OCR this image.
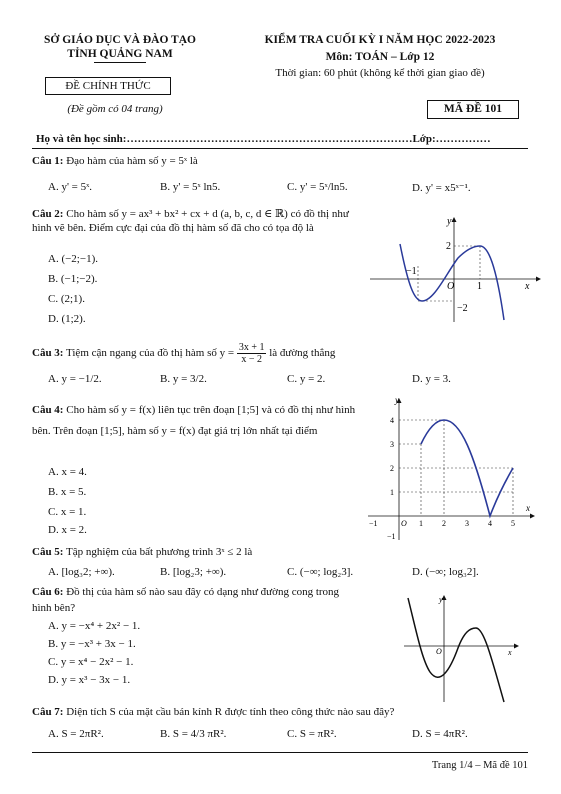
SỞ GIÁO DỤC VÀ ĐÀO TẠO
TỈNH QUẢNG NAM
ĐỀ CHÍNH THỨC
(Đề gồm có 04 trang)
KIỂM TRA CUỐI KỲ I NĂM HỌC 2022-2023
Môn: TOÁN – Lớp 12
Thời gian: 60 phút (không kể thời gian giao đề)
MÃ ĐỀ 101
Họ và tên học sinh:……………………………………………………………………Lớp:……………
Câu 1: Đạo hàm của hàm số y = 5ˣ là
A. y' = 5ˣ.	B. y' = 5ˣ ln5.	C. y' = 5ˣ/ln5.	D. y' = x5ˣ⁻¹.
Câu 2: Cho hàm số y = ax³ + bx² + cx + d (a, b, c, d ∈ ℝ) có đồ thị như hình vẽ bên. Điểm cực đại của đồ thị hàm số đã cho có tọa độ là
A. (−2;−1).
B. (−1;−2).
C. (2;1).
D. (1;2).
y
x
O
−1
1
2
−2
Câu 3: Tiệm cận ngang của đồ thị hàm số $y = \frac{3x + 1}{x - 2}$ là đường thẳng
A. y = −1/2.	B. y = 3/2.	C. y = 2.	D. y = 3.
Câu 4: Cho hàm số y = f(x) liên tục trên đoạn [1;5] và có đồ thị như hình bên. Trên đoạn [1;5], hàm số y = f(x) đạt giá trị lớn nhất tại điểm
A. x = 4.
B. x = 5.
C. x = 1.
D. x = 2.
y
x
O
−1	1 2 3 4 5
4
3
2
1
−1
Câu 5: Tập nghiệm của bất phương trình 3ˣ ≤ 2 là
A. [log₃2; +∞).	B. [log₂3; +∞).	C. (−∞; log₂3].	D. (−∞; log₃2].
Câu 6: Đồ thị của hàm số nào sau đây có dạng như đường cong trong hình bên?
A. y = −x⁴ + 2x² − 1.
B. y = −x³ + 3x − 1.
C. y = x⁴ − 2x² − 1.
D. y = x³ − 3x − 1.
y
x
O
Câu 7: Diện tích S của mặt cầu bán kính R được tính theo công thức nào sau đây?
A. S = 2πR².	B. S = 4/3 πR².	C. S = πR².	D. S = 4πR².
Trang 1/4 – Mã đề 101
